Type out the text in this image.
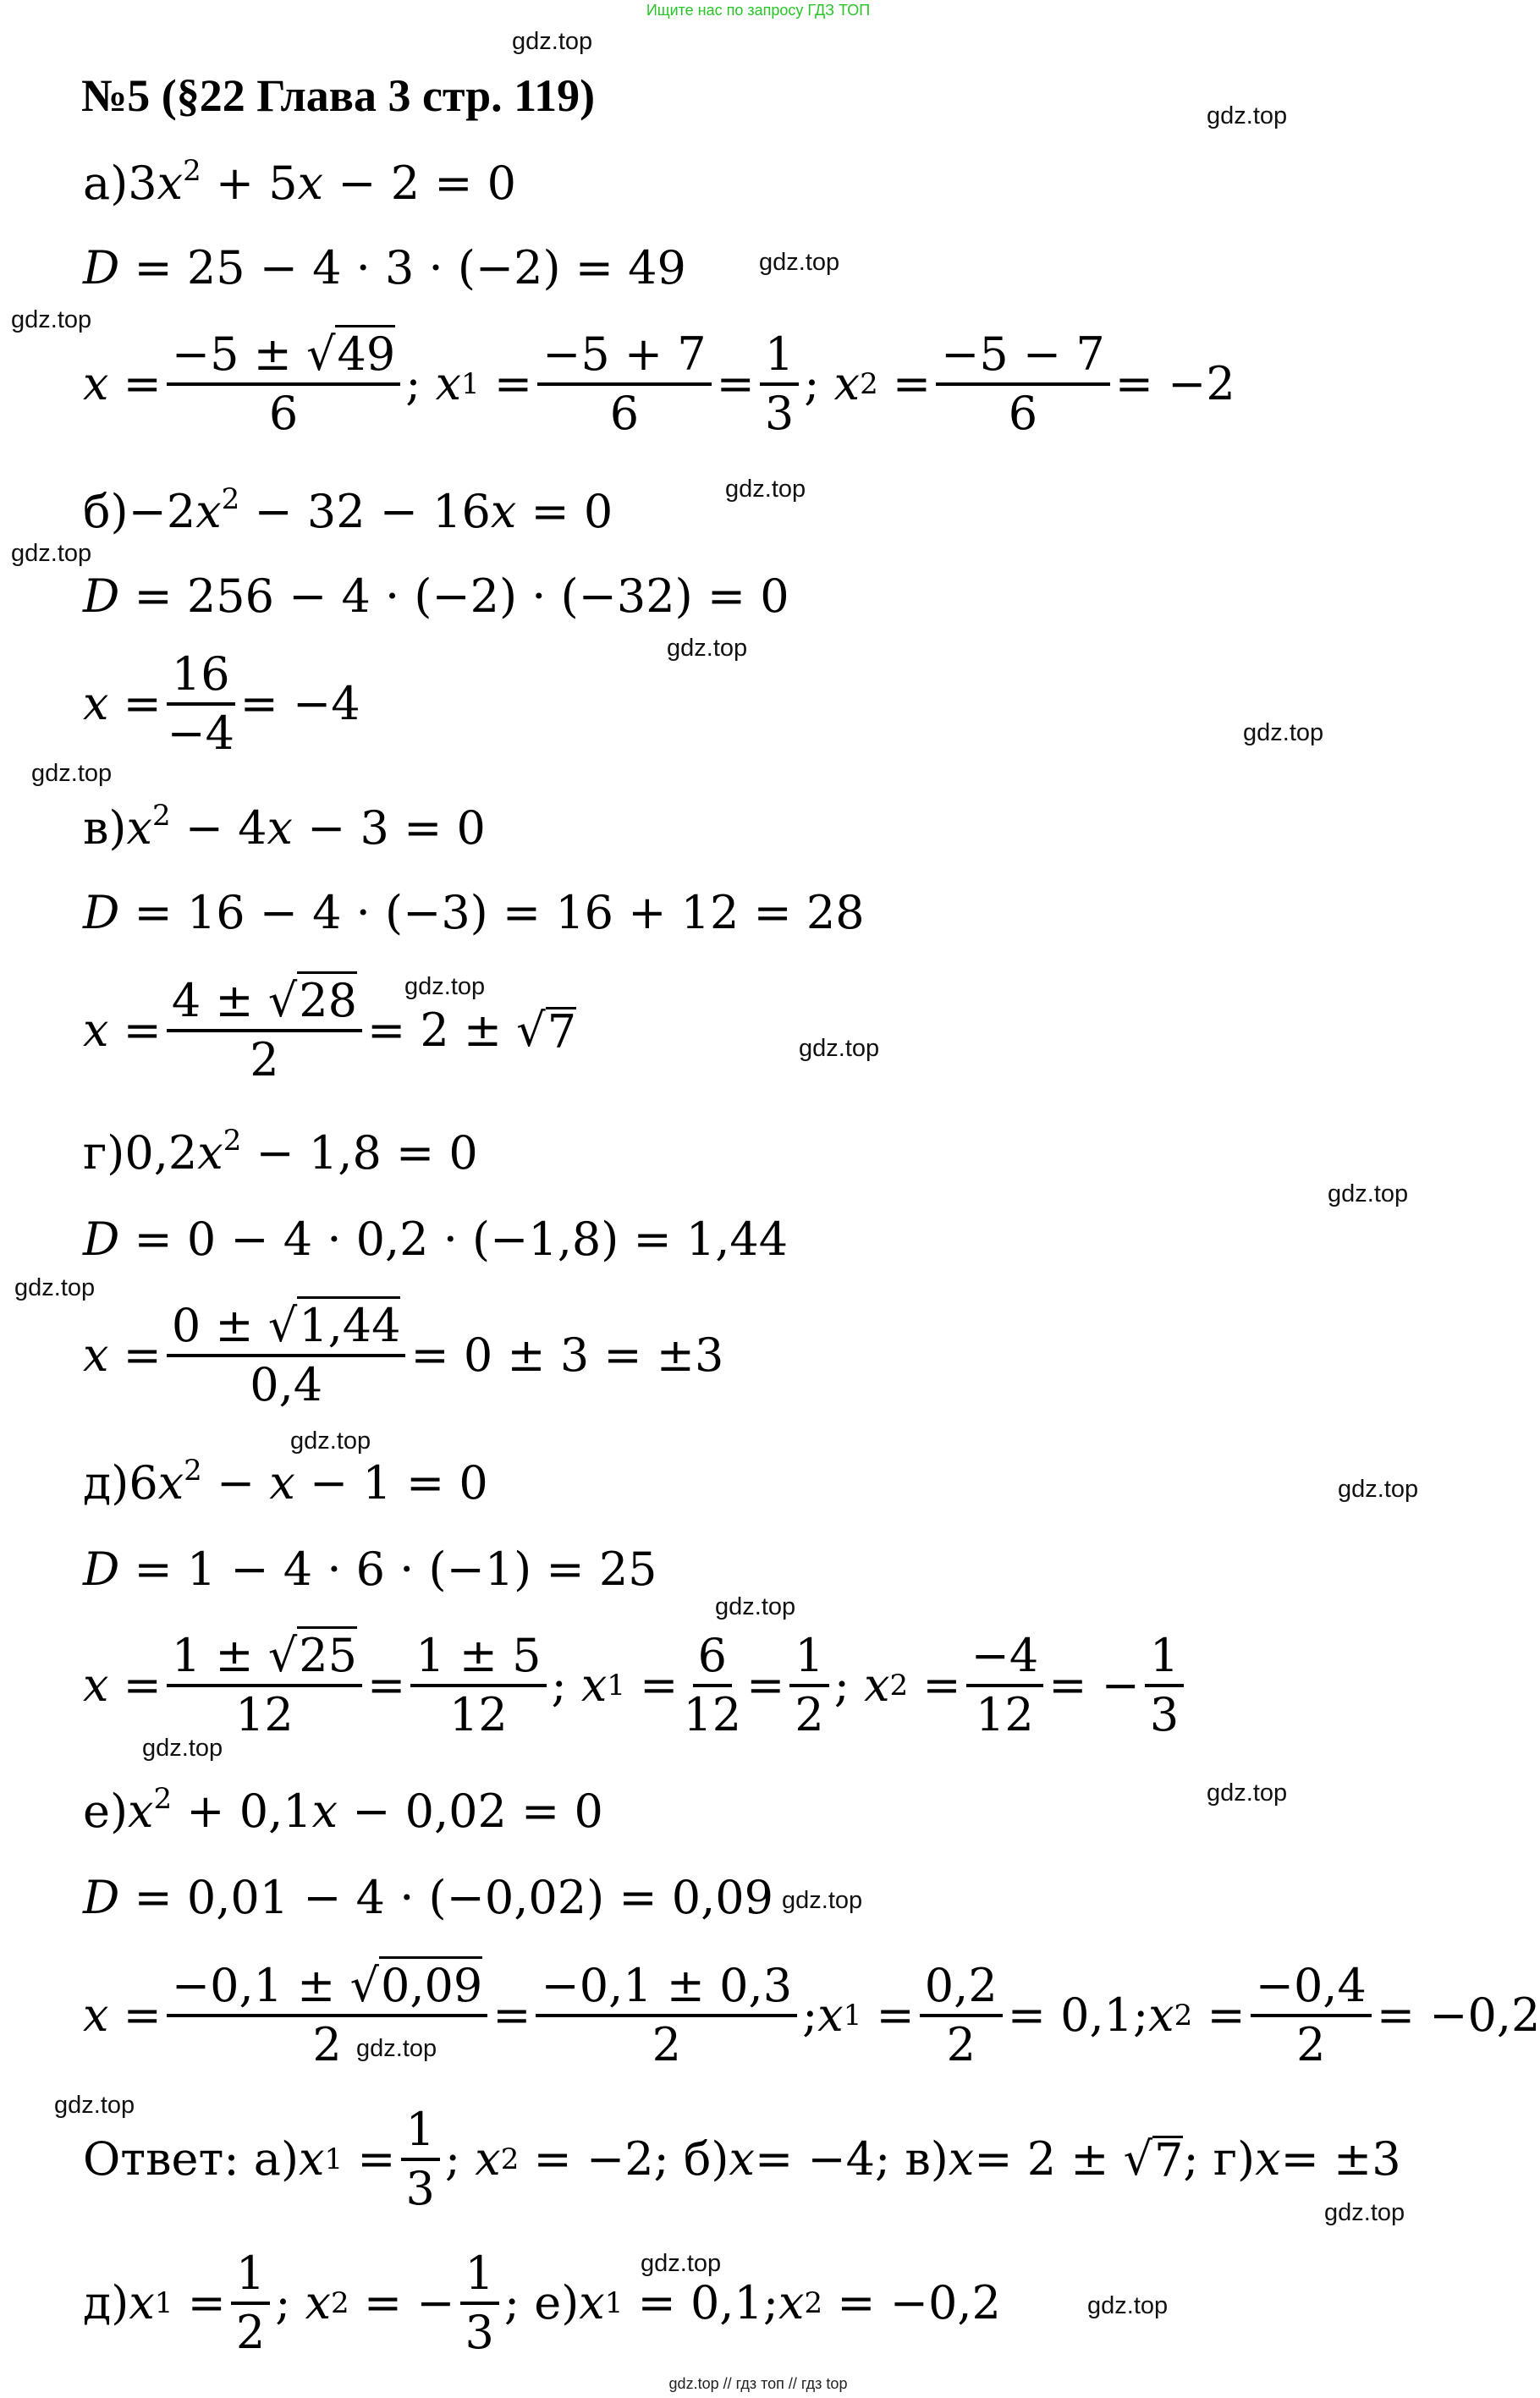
Ищите нас по запросу ГДЗ ТОП
№5 (§22 Глава 3 стр. 119)
$а)3x^2 + 5x - 2 = 0$
D = 25 − 4 · 3 · (−2) = 49
$x = \frac{-5 \pm √49}{6}$ ; x $1 = \frac{-5 + 7}{6} = \frac{1}{3}$ ; x $2 = \frac{-5 - 7}{6} = -2$
$б)-2x^2 - 32 - 16x = 0$
D = 256 − 4 · (−2) · (−32) = 0
$x = \frac{16}{-4} = -4$
$в)x^2 - 4x - 3 = 0$
D = 16 − 4 · (−3) = 16 + 12 = 28
$x = \frac{4 \pm √28}{2} = 2$ ± √ 7
$г)0,2x^2 - 1,8 = 0$
D = 0 − 4 · 0,2 · (−1,8) = 1,44
$x = \frac{0 \pm √1,44}{0,4} = 0 \pm 3 = \pm 3$
$д)6x^2 - x - 1 = 0$
D = 1 − 4 · 6 · (−1) = 25
$x = \frac{1 \pm √25}{12} = \frac{1 \pm 5}{12}$ ; x $1 = \frac{6}{12} = \frac{1}{2}$ ; x $2 = \frac{-4}{12}$ = − $\frac{1}{3}$
$е)x^2 + 0,1x - 0,02 = 0$
D = 0,01 − 4 · (−0,02) = 0,09
$x = \frac{-0,1 \pm √0,09}{2} = \frac{-0,1 \pm 0,3}{2}$ ; x $1 = \frac{0,2}{2} = 0,1$; x $2 = \frac{-0,4}{2} = -0,2$
Ответ: а) x $1 = \frac{1}{3}$ ; x 2 = −2; б) x = −4; в) x = 2 ± √ 7 ; г) x = ±3
д) x $1 = \frac{1}{2}$ ; x 2 = − $\frac{1}{3}$ ; е) x 1 = 0,1; x 2 = −0,2
gdz.top
gdz.top
gdz.top
gdz.top
gdz.top
gdz.top
gdz.top
gdz.top
gdz.top
gdz.top
gdz.top
gdz.top
gdz.top
gdz.top
gdz.top
gdz.top
gdz.top
gdz.top
gdz.top
gdz.top
gdz.top
gdz.top
gdz.top
gdz.top
gdz.top // гдз топ // гдз top
